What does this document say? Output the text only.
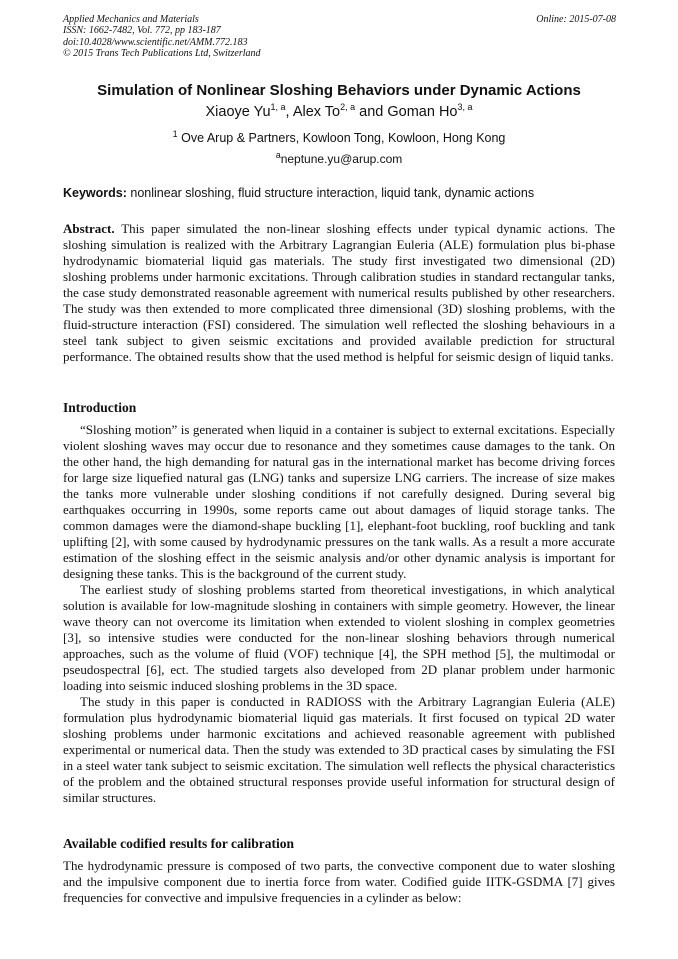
Applied Mechanics and Materials
ISSN: 1662-7482, Vol. 772, pp 183-187
doi:10.4028/www.scientific.net/AMM.772.183
© 2015 Trans Tech Publications Ltd, Switzerland
Online: 2015-07-08
Simulation of Nonlinear Sloshing Behaviors under Dynamic Actions
Xiaoye Yu$^{1, a}$, Alex To$^{2, a}$ and Goman Ho$^{3, a}$
$^1$ Ove Arup & Partners, Kowloon Tong, Kowloon, Hong Kong
$^a$neptune.yu@arup.com
Keywords: nonlinear sloshing, fluid structure interaction, liquid tank, dynamic actions

Abstract. This paper simulated the non-linear sloshing effects under typical dynamic actions. The sloshing simulation is realized with the Arbitrary Lagrangian Euleria (ALE) formulation plus bi-phase hydrodynamic biomaterial liquid gas materials. The study first investigated two dimensional (2D) sloshing problems under harmonic excitations. Through calibration studies in standard rectangular tanks, the case study demonstrated reasonable agreement with numerical results published by other researchers. The study was then extended to more complicated three dimensional (3D) sloshing problems, with the fluid-structure interaction (FSI) considered. The simulation well reflected the sloshing behaviours in a steel tank subject to given seismic excitations and provided available prediction for structural performance. The obtained results show that the used method is helpful for seismic design of liquid tanks.

Introduction

“Sloshing motion” is generated when liquid in a container is subject to external excitations. Especially violent sloshing waves may occur due to resonance and they sometimes cause damages to the tank. On the other hand, the high demanding for natural gas in the international market has become driving forces for large size liquefied natural gas (LNG) tanks and supersize LNG carriers. The increase of size makes the tanks more vulnerable under sloshing conditions if not carefully designed. During several big earthquakes occurring in 1990s, some reports came out about damages of liquid storage tanks. The common damages were the diamond-shape buckling [1], elephant-foot buckling, roof buckling and tank uplifting [2], with some caused by hydrodynamic pressures on the tank walls. As a result a more accurate estimation of the sloshing effect in the seismic analysis and/or other dynamic analysis is important for designing these tanks. This is the background of the current study.

The earliest study of sloshing problems started from theoretical investigations, in which analytical solution is available for low-magnitude sloshing in containers with simple geometry. However, the linear wave theory can not overcome its limitation when extended to violent sloshing in complex geometries [3], so intensive studies were conducted for the non-linear sloshing behaviors through numerical approaches, such as the volume of fluid (VOF) technique [4], the SPH method [5], the multimodal or pseudospectral [6], ect. The studied targets also developed from 2D planar problem under harmonic loading into seismic induced sloshing problems in the 3D space.

The study in this paper is conducted in RADIOSS with the Arbitrary Lagrangian Euleria (ALE) formulation plus hydrodynamic biomaterial liquid gas materials. It first focused on typical 2D water sloshing problems under harmonic excitations and achieved reasonable agreement with published experimental or numerical data. Then the study was extended to 3D practical cases by simulating the FSI in a steel water tank subject to seismic excitation. The simulation well reflects the physical characteristics of the problem and the obtained structural responses provide useful information for structural design of similar structures.

Available codified results for calibration

The hydrodynamic pressure is composed of two parts, the convective component due to water sloshing and the impulsive component due to inertia force from water. Codified guide IITK-GSDMA [7] gives frequencies for convective and impulsive frequencies in a cylinder as below:
